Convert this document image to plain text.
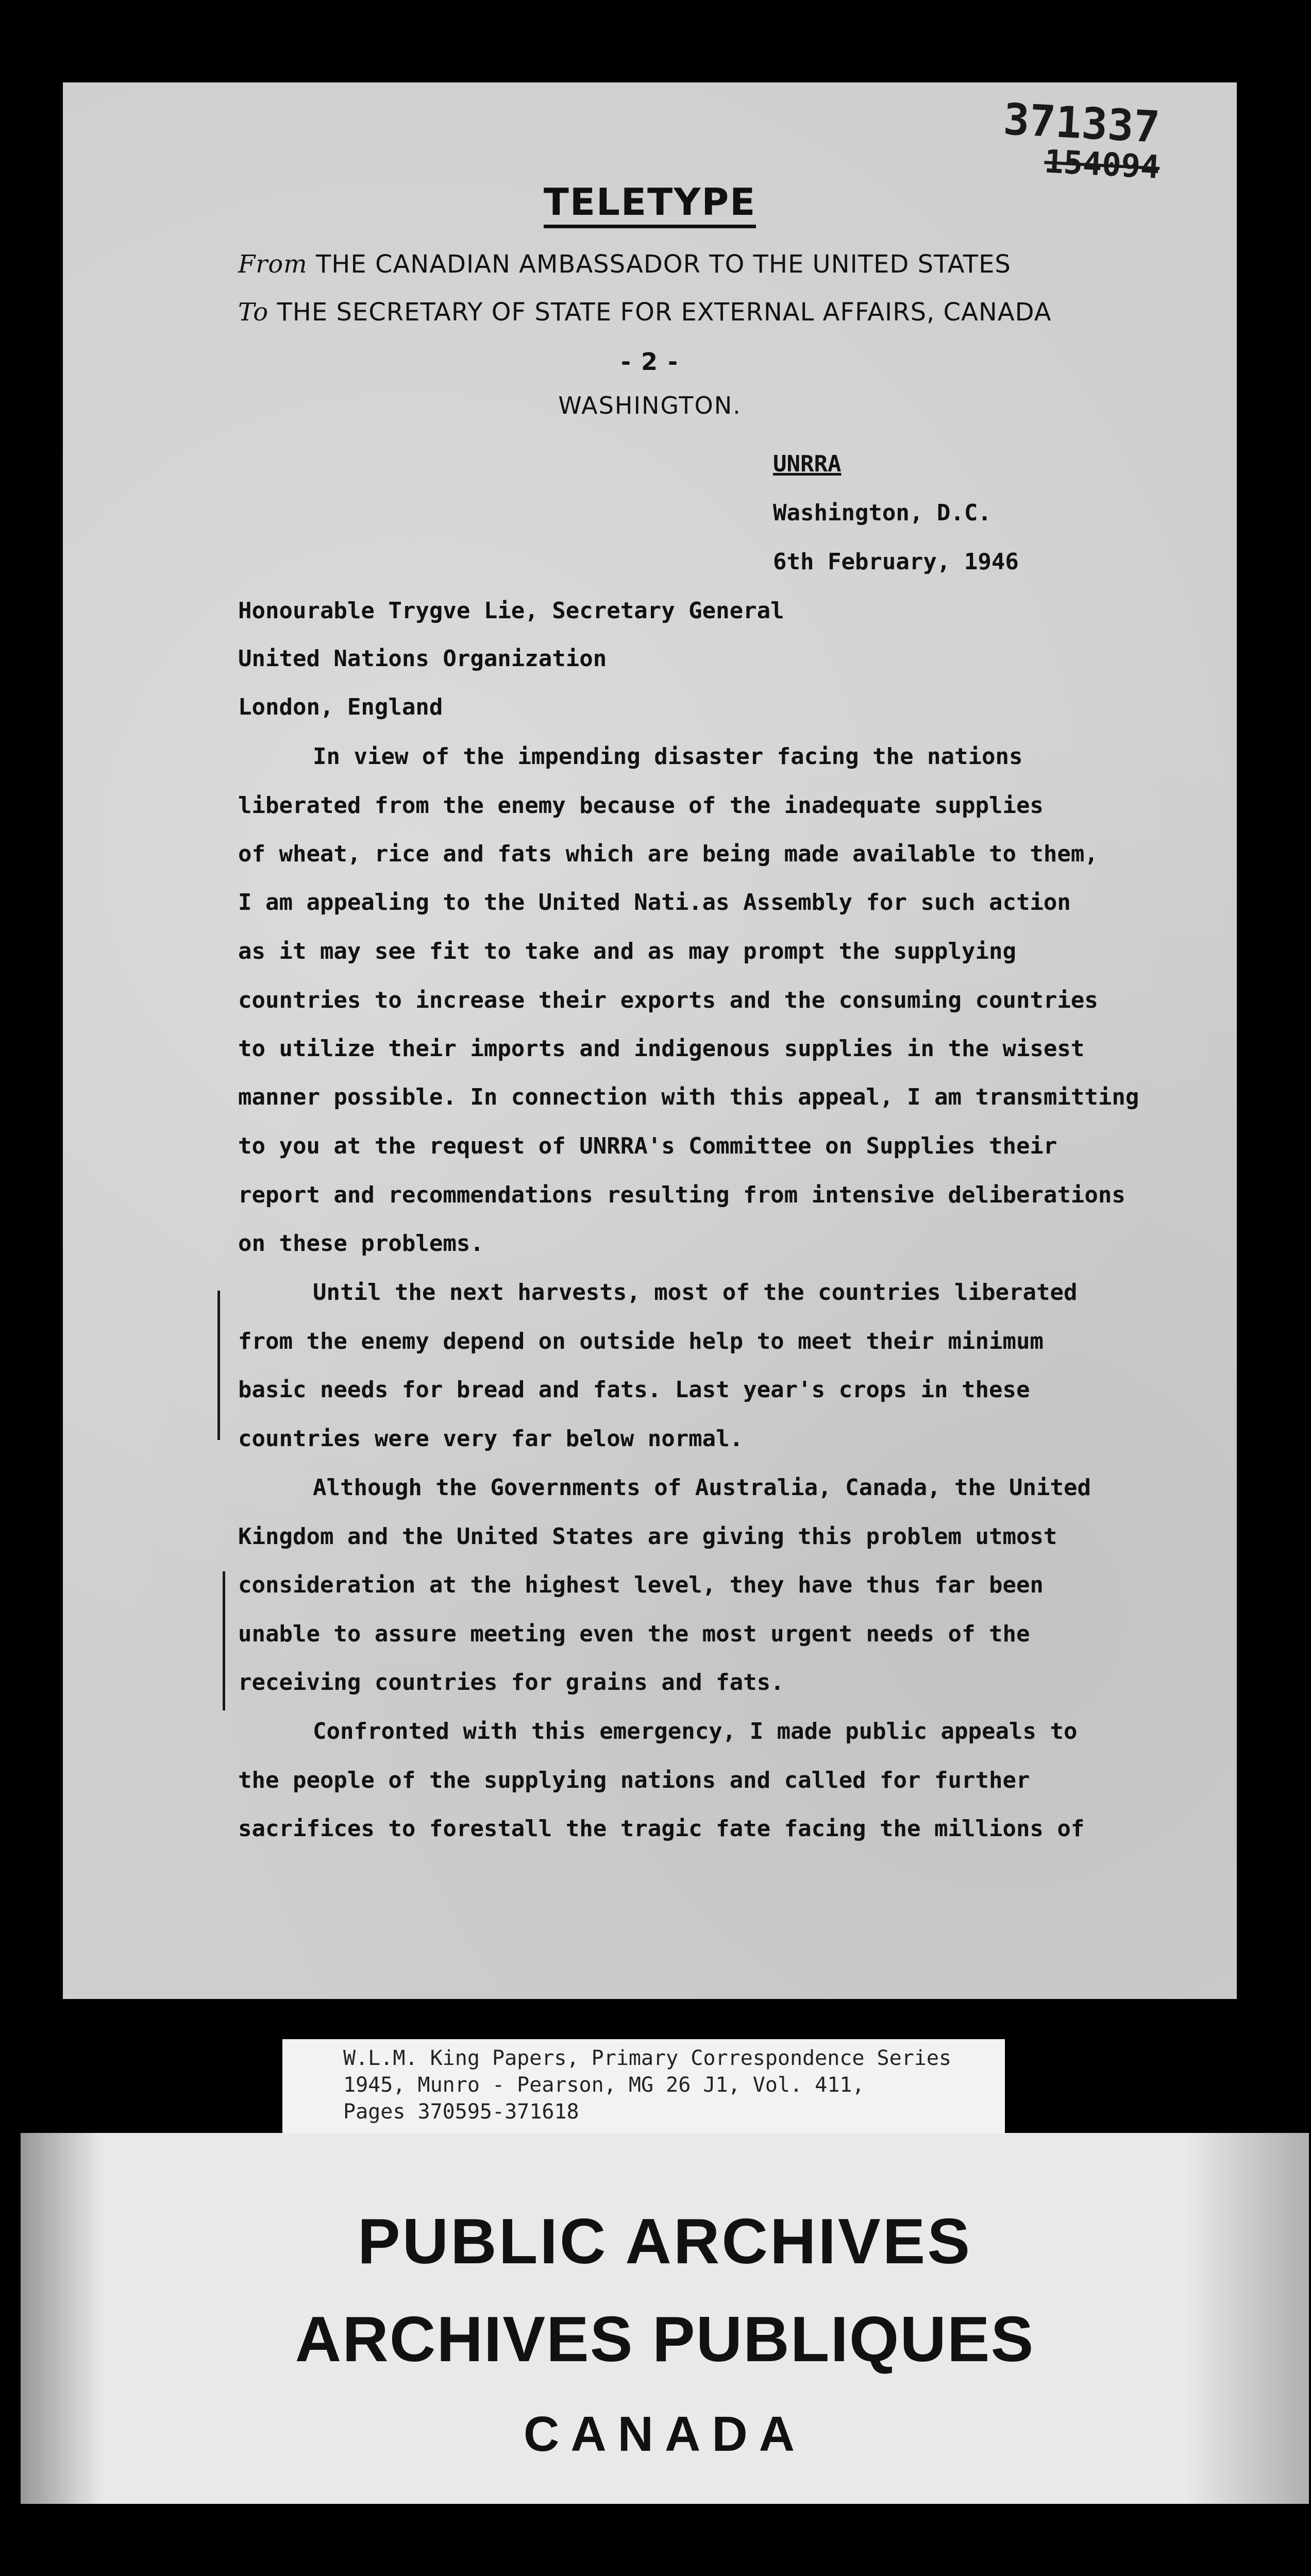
371337
154094
TELETYPE
From THE CANADIAN AMBASSADOR TO THE UNITED STATES
To THE SECRETARY OF STATE FOR EXTERNAL AFFAIRS, CANADA
- 2 -
WASHINGTON.
UNRRA
Washington, D.C.
6th February, 1946
Honourable Trygve Lie, Secretary General
United Nations Organization
London, England
In view of the impending disaster facing the nations
liberated from the enemy because of the inadequate supplies
of wheat, rice and fats which are being made available to them,
I am appealing to the United Nati.as Assembly for such action
as it may see fit to take and as may prompt the supplying
countries to increase their exports and the consuming countries
to utilize their imports and indigenous supplies in the wisest
manner possible. In connection with this appeal, I am transmitting
to you at the request of UNRRA's Committee on Supplies their
report and recommendations resulting from intensive deliberations
on these problems.
Until the next harvests, most of the countries liberated
from the enemy depend on outside help to meet their minimum
basic needs for bread and fats. Last year's crops in these
countries were very far below normal.
Although the Governments of Australia, Canada, the United
Kingdom and the United States are giving this problem utmost
consideration at the highest level, they have thus far been
unable to assure meeting even the most urgent needs of the
receiving countries for grains and fats.
Confronted with this emergency, I made public appeals to
the people of the supplying nations and called for further
sacrifices to forestall the tragic fate facing the millions of
W.L.M. King Papers, Primary Correspondence Series
1945, Munro - Pearson, MG 26 J1, Vol. 411,
Pages 370595-371618
PUBLIC ARCHIVES
ARCHIVES PUBLIQUES
CANADA
